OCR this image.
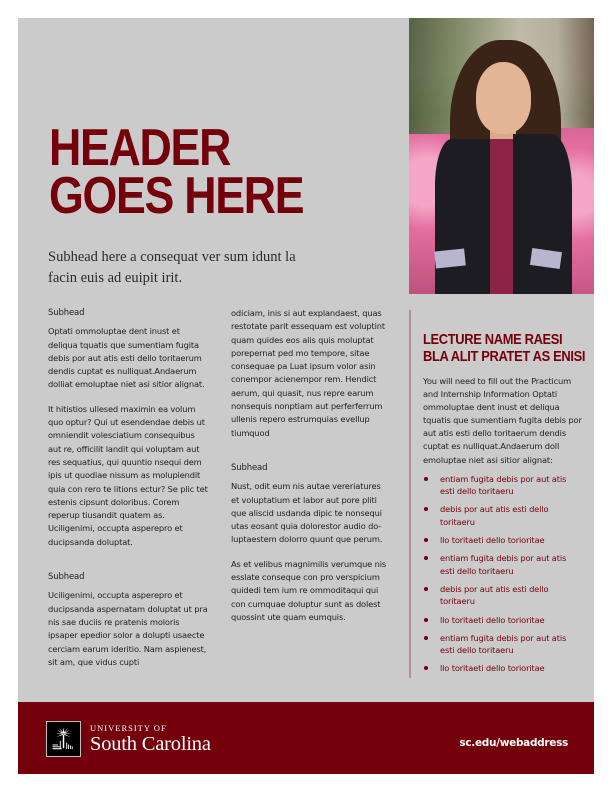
HEADER
GOES HERE
Subhead here a consequat ver sum idunt la facin euis ad euipit irit.
Subhead

Optati ommoluptae dent inust et deliqua tquatis que sumentiam fugita debis por aut atis esti dello toritaerum dendis cuptat es nulliquat.Andaerum dolliat emoluptae niet asi sitior alignat.

It hitistios ullesed maximin ea volum quo optur? Qui ut esendendae debis ut omniendit volesciatium consequibus aut re, officilit landit qui voluptam aut res sequatius, qui quuntio nsequi dem ipis ut quodiae nissum as molupiendit quia con rero te litions ectur? Se plic tet estenis cipsunt doloribus. Corem reperup tiusandit quatem as. Uciligenimi, occupta asperepro et ducipsanda doluptat.

Subhead

Uciligenimi, occupta asperepro et ducipsanda aspernatam doluptat ut pra nis sae duciis re pratenis moloris ipsaper epedior solor a dolupti usaecte cerciam earum ideritio. Nam aspienest, sit am, que vidus cupti

odiciam, inis si aut explandaest, quas restotate parit essequam est voluptint quam quides eos alis quis moluptat porepernat ped mo tempore, sitae consequae pa Luat ipsum volor asin conempor acienempor rem. Hendict aerum, qui quasit, nus repre earum nonsequis nonptiam aut perferferrum ullenis repero estrumquias evellup tiumquod

Subhead

Nust, odit eum nis autae vereriatures et voluptatium et labor aut pore pliti que aliscid usdanda dipic te nonsequi utas eosant quia dolorestor audio do-luptaestem dolorro quunt que perum.

As et velibus magnimilis verumque nis esslate conseque con pro verspicium quidedi tem ium re ommoditaqui qui con cumquae doluptur sunt as dolest quossint ute quam eumquis.

LECTURE NAME RAESI
BLA ALIT PRATET AS ENISI

You will need to fill out the Practicum and Internship Information Optati ommoluptae dent inust et deliqua tquatis que sumentiam fugita debis por aut atis esti dello toritaerum dendis cuptat es nulliquat.Andaerum doll emoluptae niet asi sitior alignat:

entiam fugita debis por aut atis esti dello toritaeru
debis por aut atis esti dello toritaeru
llo toritaeti dello torioritae
entiam fugita debis por aut atis esti dello toritaeru
debis por aut atis esti dello toritaeru
llo toritaeti dello torioritae
entiam fugita debis por aut atis esti dello toritaeru
llo toritaeti dello torioritae
UNIVERSITY OF
South Carolina	sc.edu/webaddress
